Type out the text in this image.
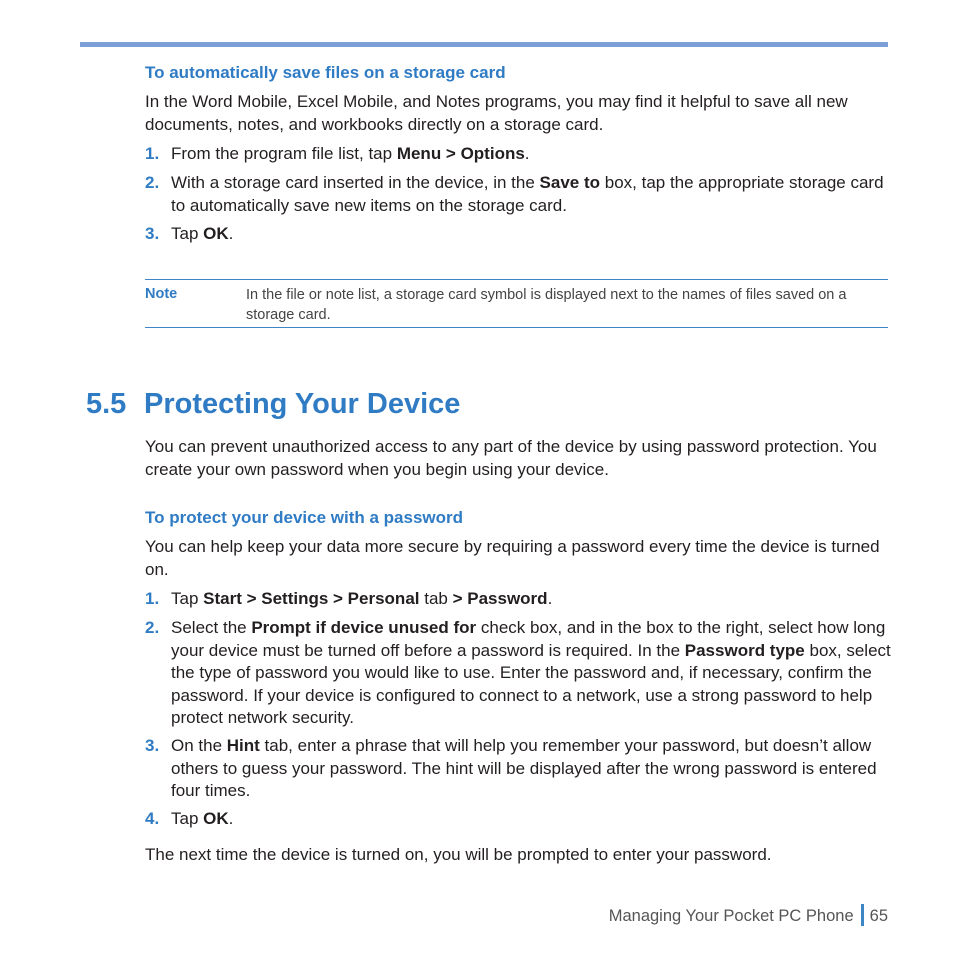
To automatically save files on a storage card
In the Word Mobile, Excel Mobile, and Notes programs, you may find it helpful to save all new documents, notes, and workbooks directly on a storage card.
1. From the program file list, tap Menu > Options.
2. With a storage card inserted in the device, in the Save to box, tap the appropriate storage card to automatically save new items on the storage card.
3. Tap OK.
Note	In the file or note list, a storage card symbol is displayed next to the names of files saved on a storage card.
5.5 Protecting Your Device
You can prevent unauthorized access to any part of the device by using password protection. You create your own password when you begin using your device.
To protect your device with a password
You can help keep your data more secure by requiring a password every time the device is turned on.
1. Tap Start > Settings > Personal tab > Password.
2. Select the Prompt if device unused for check box, and in the box to the right, select how long your device must be turned off before a password is required. In the Password type box, select the type of password you would like to use. Enter the password and, if necessary, confirm the password. If your device is configured to connect to a network, use a strong password to help protect network security.
3. On the Hint tab, enter a phrase that will help you remember your password, but doesn’t allow others to guess your password. The hint will be displayed after the wrong password is entered four times.
4. Tap OK.
The next time the device is turned on, you will be prompted to enter your password.
Managing Your Pocket PC Phone 65
